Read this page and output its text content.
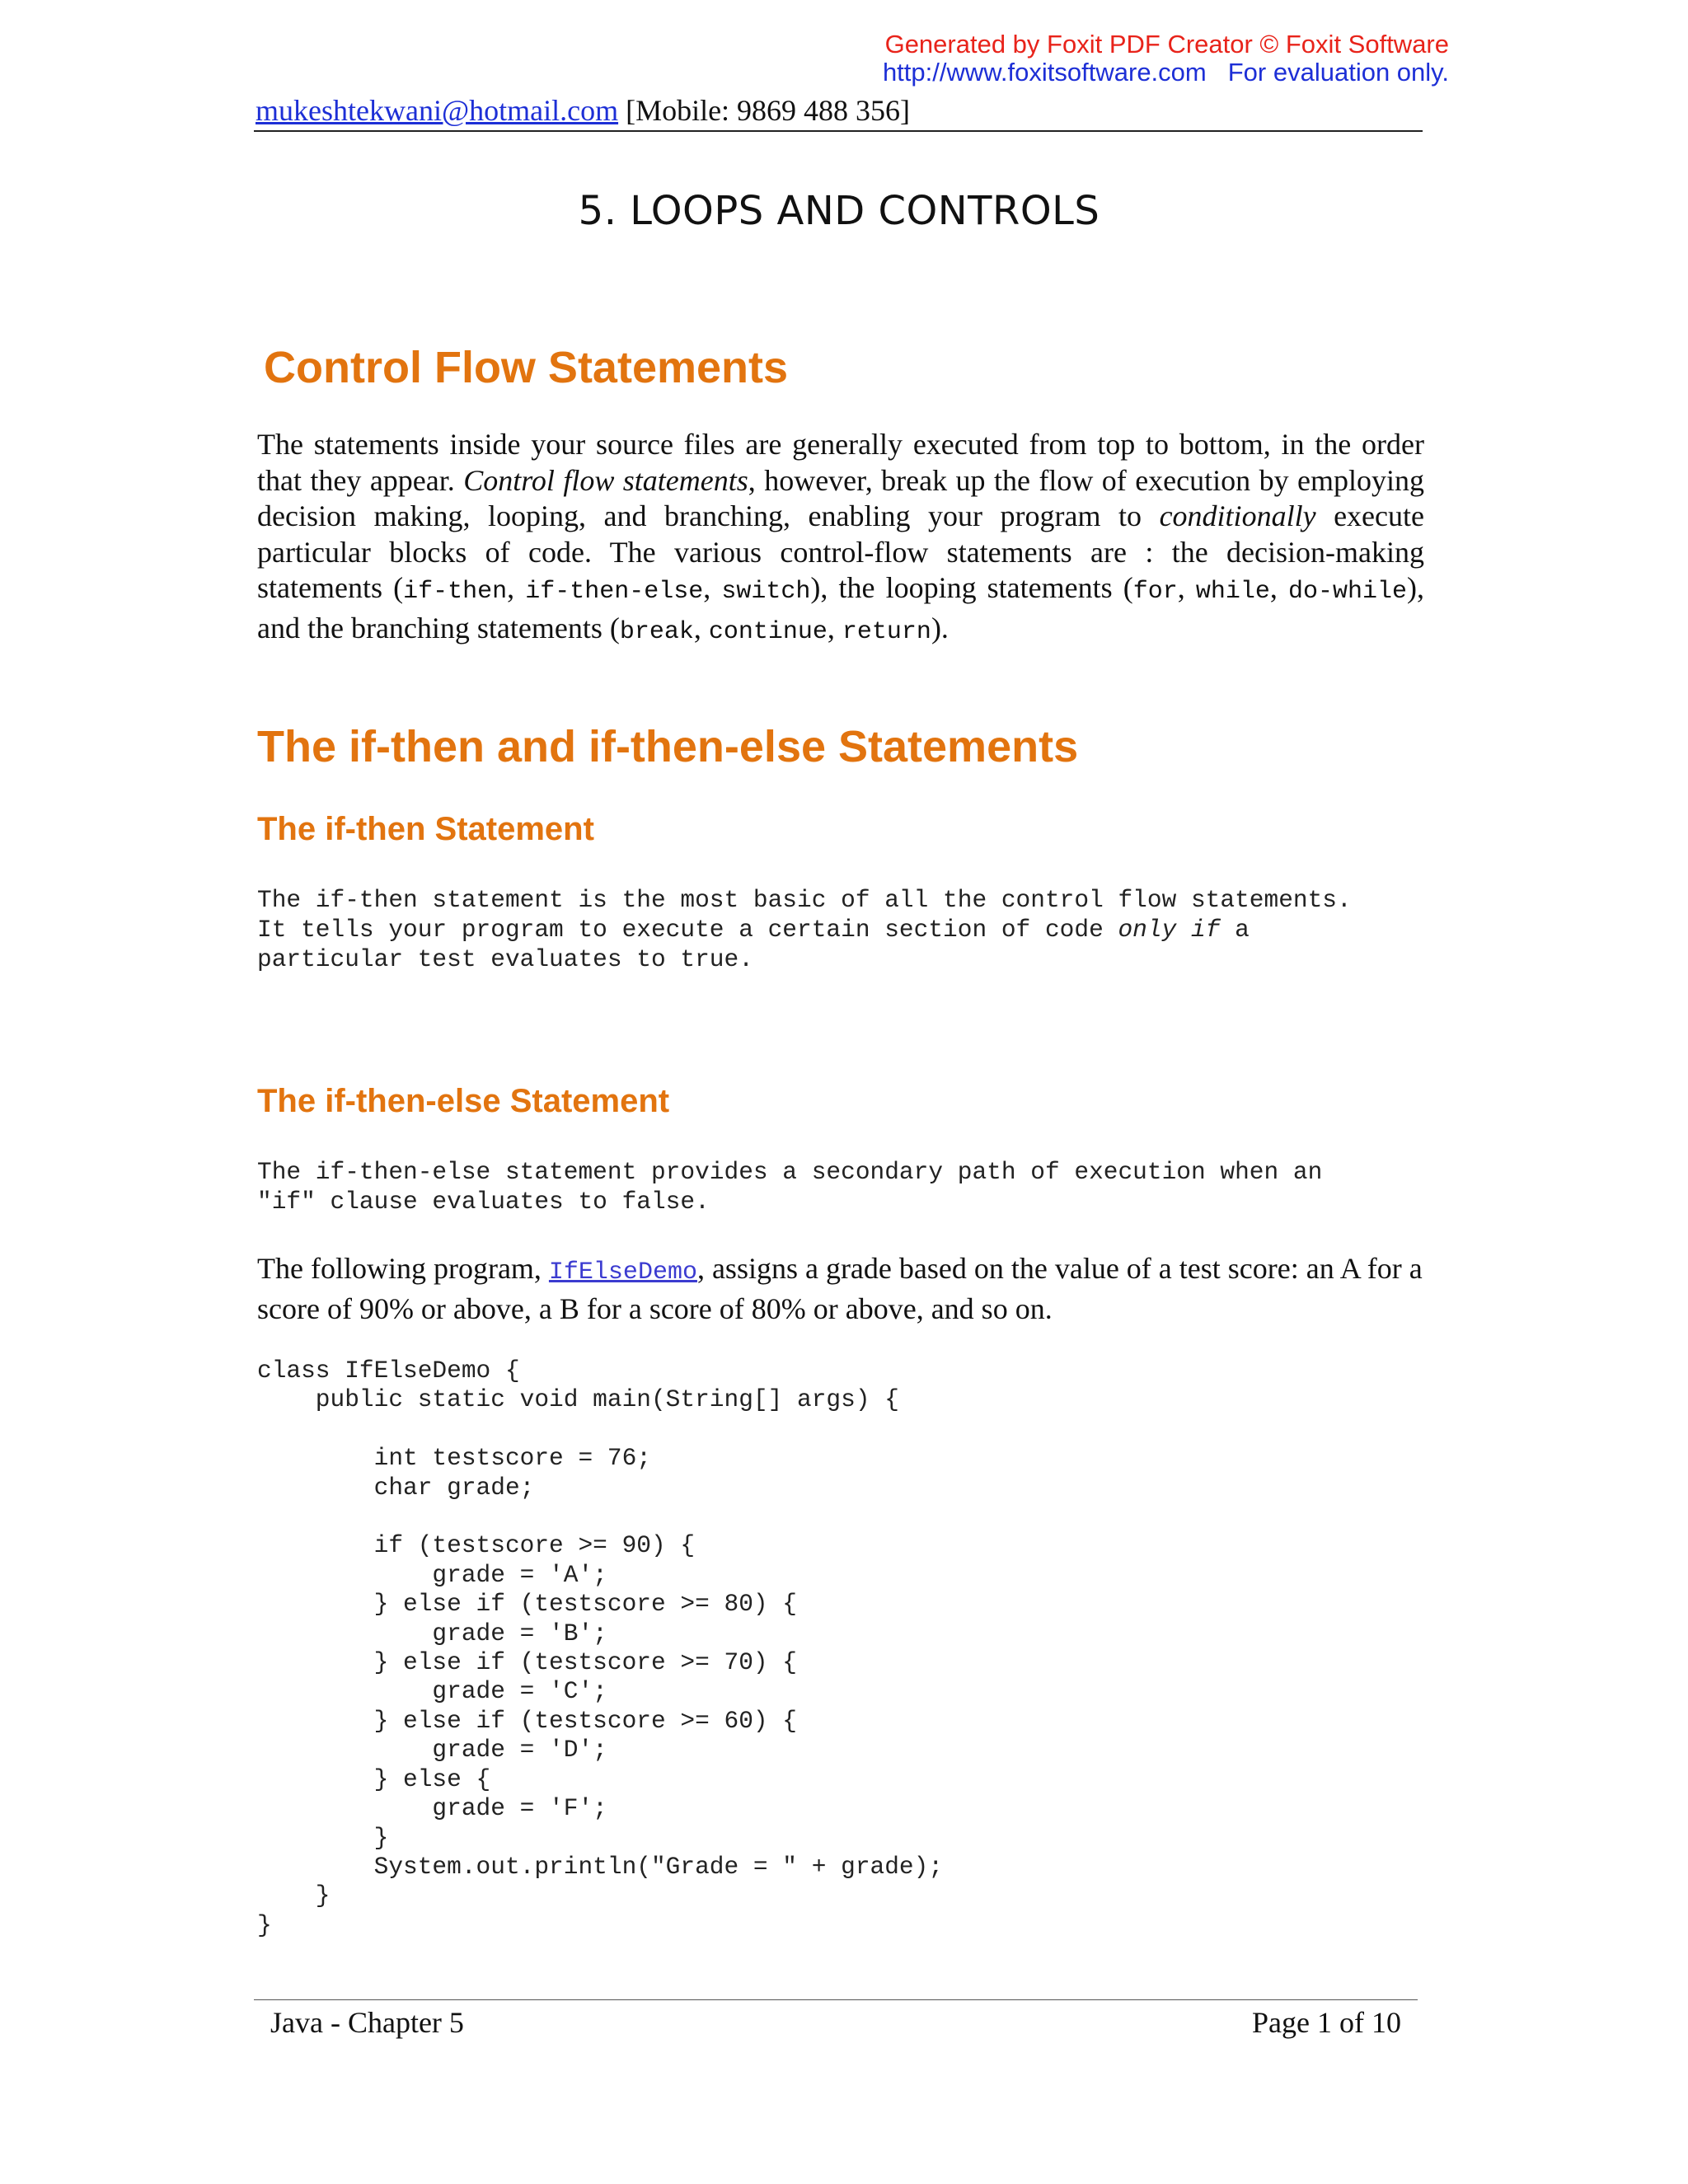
Generated by Foxit PDF Creator © Foxit Software
http://www.foxitsoftware.com For evaluation only.
mukeshtekwani@hotmail.com [Mobile: 9869 488 356]
5. LOOPS AND CONTROLS
Control Flow Statements
The statements inside your source files are generally executed from top to bottom, in the order that they appear. Control flow statements, however, break up the flow of execution by employing decision making, looping, and branching, enabling your program to conditionally execute particular blocks of code. The various control-flow statements are : the decision-making statements (if-then, if-then-else, switch), the looping statements (for, while, do-while), and the branching statements (break, continue, return).
The if-then and if-then-else Statements
The if-then Statement
The if-then statement is the most basic of all the control flow statements.
It tells your program to execute a certain section of code only if a
particular test evaluates to true.
The if-then-else Statement
The if-then-else statement provides a secondary path of execution when an
"if" clause evaluates to false.
The following program, IfElseDemo, assigns a grade based on the value of a test score: an A for a score of 90% or above, a B for a score of 80% or above, and so on.
class IfElseDemo {
public static void main(String[] args) {

int testscore = 76;
char grade;

if (testscore >= 90) {
grade = 'A';
} else if (testscore >= 80) {
grade = 'B';
} else if (testscore >= 70) {
grade = 'C';
} else if (testscore >= 60) {
grade = 'D';
} else {
grade = 'F';
}
System.out.println("Grade = " + grade);
}
}
Java - Chapter 5	Page 1 of 10
